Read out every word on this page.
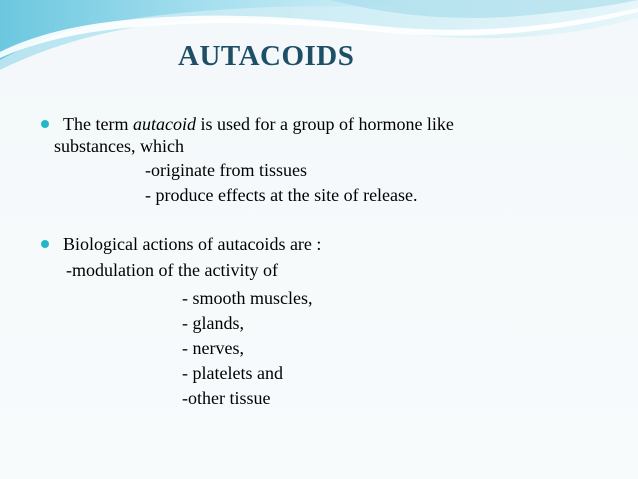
AUTACOIDS
The term autacoid is used for a group of hormone like
substances, which
-originate from tissues
- produce effects at the site of release.
Biological actions of autacoids are :
-modulation of the activity of
- smooth muscles,
- glands,
- nerves,
- platelets and
-other tissue
